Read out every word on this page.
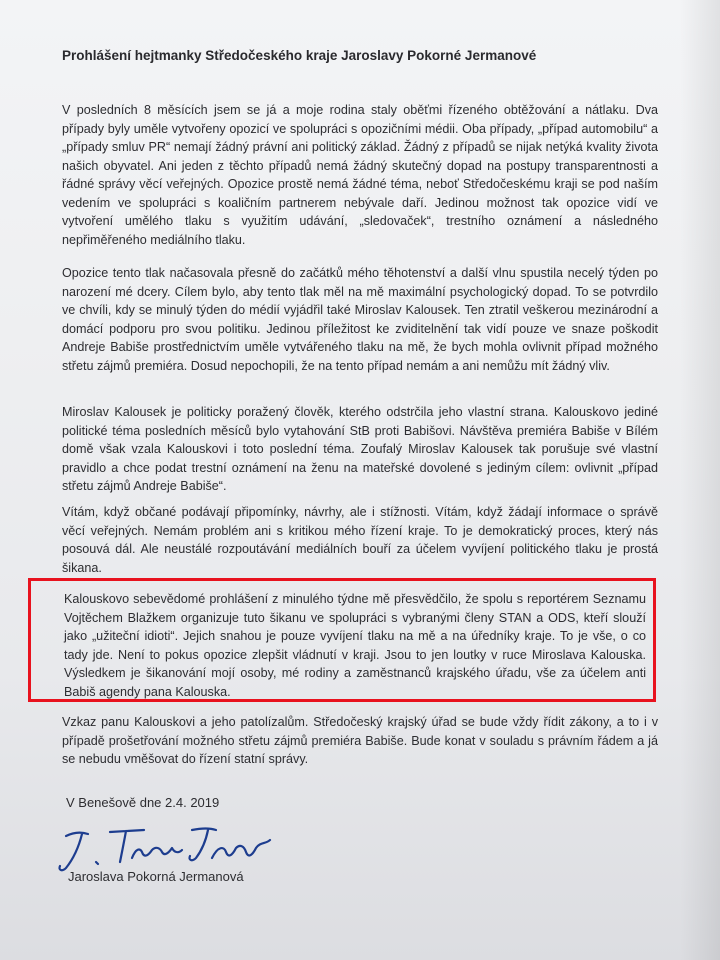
Prohlášení hejtmanky Středočeského kraje Jaroslavy Pokorné Jermanové

V posledních 8 měsících jsem se já a moje rodina staly oběťmi řízeného obtěžování a nátlaku. Dva případy byly uměle vytvořeny opozicí ve spolupráci s opozičními médii. Oba případy, „případ automobilu“ a „případy smluv PR“ nemají žádný právní ani politický základ. Žádný z případů se nijak netýká kvality života našich obyvatel. Ani jeden z těchto případů nemá žádný skutečný dopad na postupy transparentnosti a řádné správy věcí veřejných. Opozice prostě nemá žádné téma, neboť Středočeskému kraji se pod naším vedením ve spolupráci s koaličním partnerem nebývale daří. Jedinou možnost tak opozice vidí ve vytvoření umělého tlaku s využitím udávání, „sledovaček“, trestního oznámení a následného nepřiměřeného mediálního tlaku.

Opozice tento tlak načasovala přesně do začátků mého těhotenství a další vlnu spustila necelý týden po narození mé dcery. Cílem bylo, aby tento tlak měl na mě maximální psychologický dopad. To se potvrdilo ve chvíli, kdy se minulý týden do médií vyjádřil také Miroslav Kalousek. Ten ztratil veškerou mezinárodní a domácí podporu pro svou politiku. Jedinou příležitost ke zviditelnění tak vidí pouze ve snaze poškodit Andreje Babiše prostřednictvím uměle vytvářeného tlaku na mě, že bych mohla ovlivnit případ možného střetu zájmů premiéra. Dosud nepochopili, že na tento případ nemám a ani nemůžu mít žádný vliv.

Miroslav Kalousek je politicky poražený člověk, kterého odstrčila jeho vlastní strana. Kalouskovo jediné politické téma posledních měsíců bylo vytahování StB proti Babišovi. Návštěva premiéra Babiše v Bílém domě však vzala Kalouskovi i toto poslední téma. Zoufalý Miroslav Kalousek tak porušuje své vlastní pravidlo a chce podat trestní oznámení na ženu na mateřské dovolené s jediným cílem: ovlivnit „případ střetu zájmů Andreje Babiše“.

Vítám, když občané podávají připomínky, návrhy, ale i stížnosti. Vítám, když žádají informace o správě věcí veřejných. Nemám problém ani s kritikou mého řízení kraje. To je demokratický proces, který nás posouvá dál. Ale neustálé rozpoutávání mediálních bouří za účelem vyvíjení politického tlaku je prostá šikana.

Kalouskovo sebevědomé prohlášení z minulého týdne mě přesvědčilo, že spolu s reportérem Seznamu Vojtěchem Blažkem organizuje tuto šikanu ve spolupráci s vybranými členy STAN a ODS, kteří slouží jako „užiteční idioti“. Jejich snahou je pouze vyvíjení tlaku na mě a na úředníky kraje. To je vše, o co tady jde. Není to pokus opozice zlepšit vládnutí v kraji. Jsou to jen loutky v ruce Miroslava Kalouska. Výsledkem je šikanování mojí osoby, mé rodiny a zaměstnanců krajského úřadu, vše za účelem anti Babiš agendy pana Kalouska.

Vzkaz panu Kalouskovi a jeho patolízalům. Středočeský krajský úřad se bude vždy řídit zákony, a to i v případě prošetřování možného střetu zájmů premiéra Babiše. Bude konat v souladu s právním řádem a já se nebudu vměšovat do řízení statní správy.

V Benešově dne 2.4. 2019
Jaroslava Pokorná Jermanová
